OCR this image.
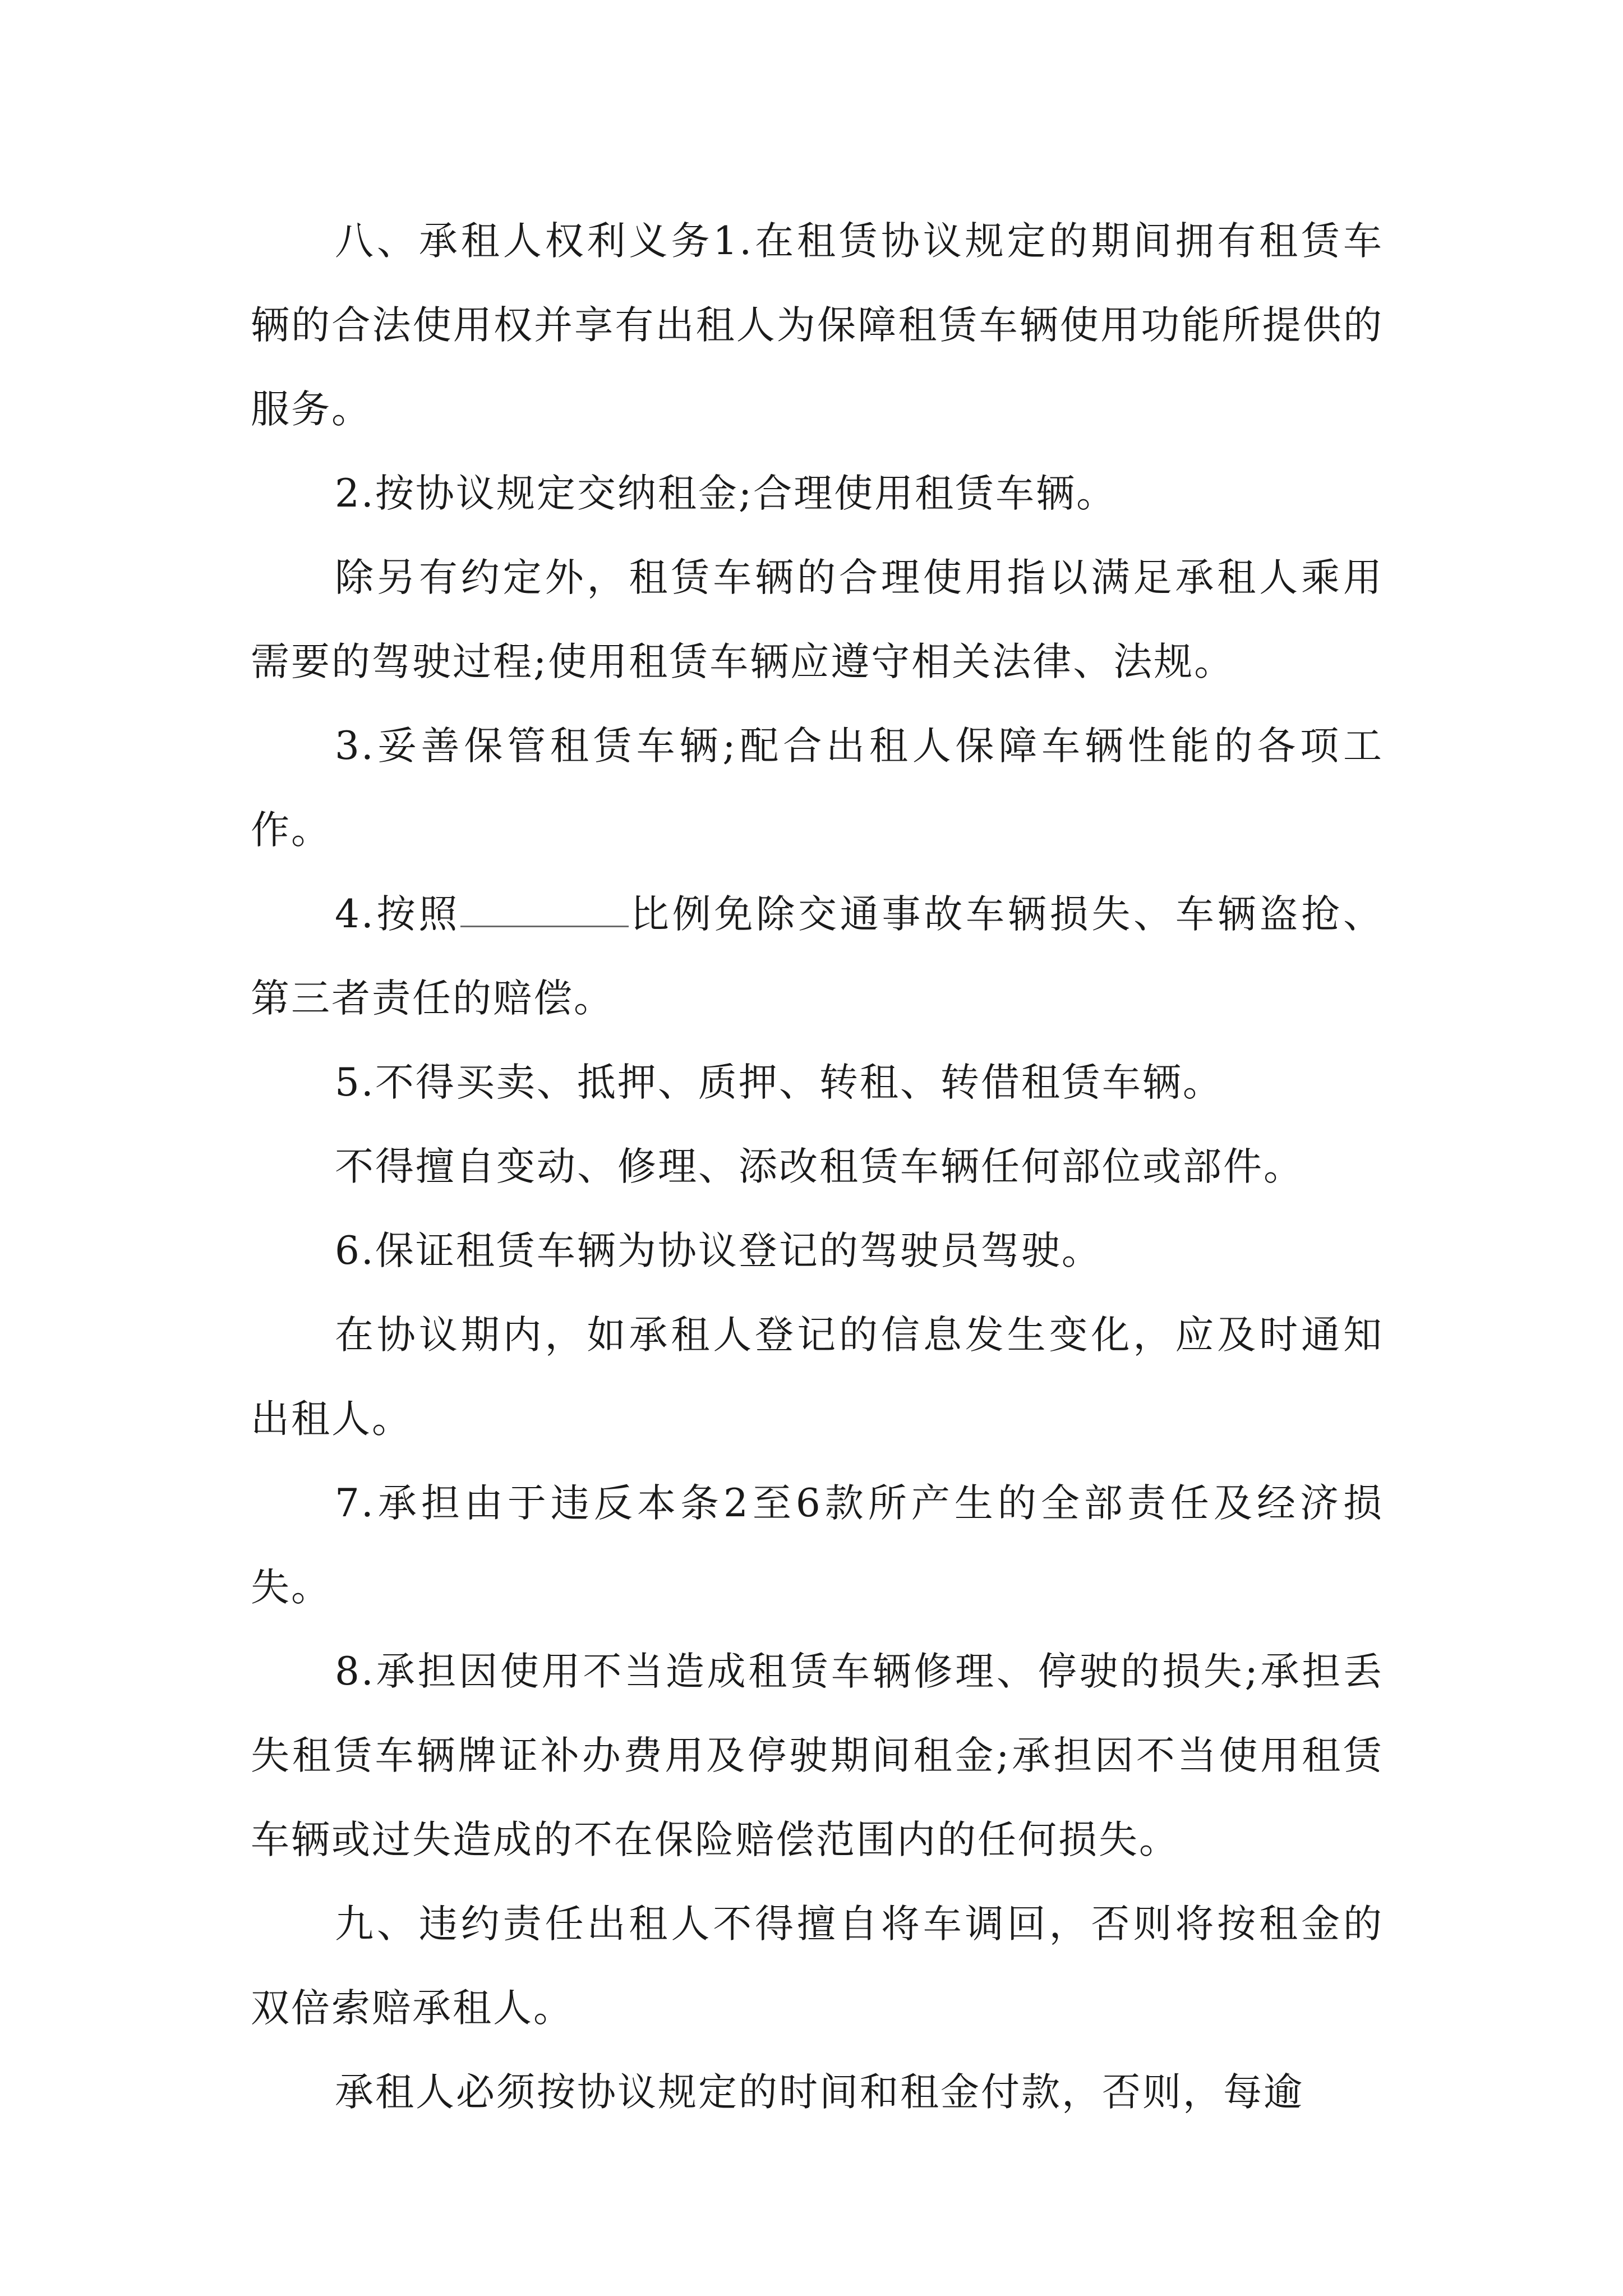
八、承租人权利义务1.在租赁协议规定的期间拥有租赁车辆的合法使用权并享有出租人为保障租赁车辆使用功能所提供的服务。

2.按协议规定交纳租金;合理使用租赁车辆。

除另有约定外，租赁车辆的合理使用指以满足承租人乘用需要的驾驶过程;使用租赁车辆应遵守相关法律、法规。

3.妥善保管租赁车辆;配合出租人保障车辆性能的各项工作。

4.按照	比例免除交通事故车辆损失、车辆盗抢、第三者责任的赔偿。

5.不得买卖、抵押、质押、转租、转借租赁车辆。

不得擅自变动、修理、添改租赁车辆任何部位或部件。

6.保证租赁车辆为协议登记的驾驶员驾驶。

在协议期内，如承租人登记的信息发生变化，应及时通知出租人。

7.承担由于违反本条2至6款所产生的全部责任及经济损失。

8.承担因使用不当造成租赁车辆修理、停驶的损失;承担丢失租赁车辆牌证补办费用及停驶期间租金;承担因不当使用租赁车辆或过失造成的不在保险赔偿范围内的任何损失。

九、违约责任出租人不得擅自将车调回，否则将按租金的双倍索赔承租人。

承租人必须按协议规定的时间和租金付款，否则，每逾
